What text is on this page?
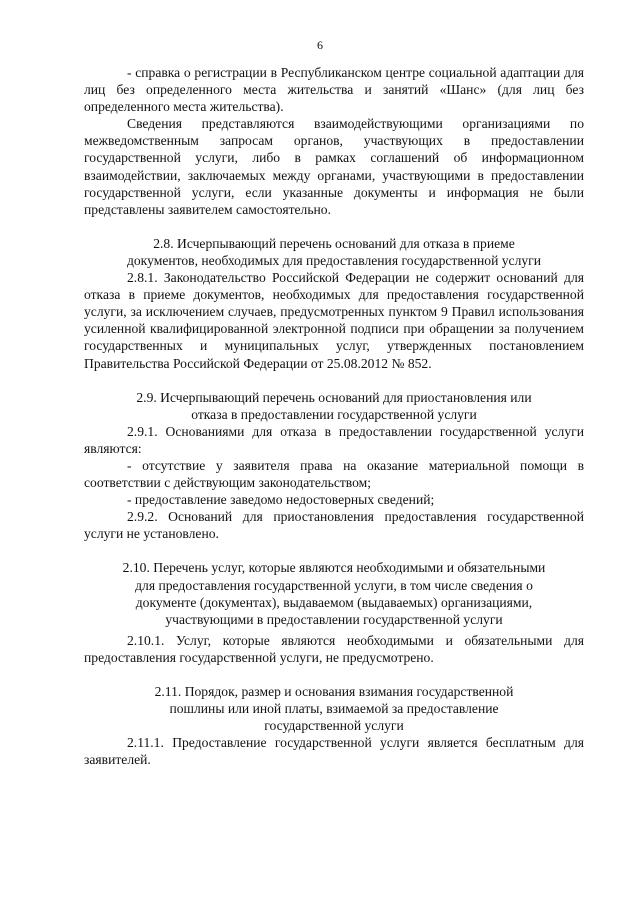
6

- справка о регистрации в Республиканском центре социальной адаптации для лиц без определенного места жительства и занятий «Шанс» (для лиц без определенного места жительства).

Сведения представляются взаимодействующими организациями по межведомственным запросам органов, участвующих в предоставлении государственной услуги, либо в рамках соглашений об информационном взаимодействии, заключаемых между органами, участвующими в предоставлении государственной услуги, если указанные документы и информация не были представлены заявителем самостоятельно.

2.8. Исчерпывающий перечень оснований для отказа в приеме документов, необходимых для предоставления государственной услуги

2.8.1. Законодательство Российской Федерации не содержит оснований для отказа в приеме документов, необходимых для предоставления государственной услуги, за исключением случаев, предусмотренных пунктом 9 Правил использования усиленной квалифицированной электронной подписи при обращении за получением государственных и муниципальных услуг, утвержденных постановлением Правительства Российской Федерации от 25.08.2012 № 852.

2.9. Исчерпывающий перечень оснований для приостановления или отказа в предоставлении государственной услуги

2.9.1. Основаниями для отказа в предоставлении государственной услуги являются:

- отсутствие у заявителя права на оказание материальной помощи в соответствии с действующим законодательством;

- предоставление заведомо недостоверных сведений;

2.9.2. Оснований для приостановления предоставления государственной услуги не установлено.

2.10. Перечень услуг, которые являются необходимыми и обязательными для предоставления государственной услуги, в том числе сведения о документе (документах), выдаваемом (выдаваемых) организациями, участвующими в предоставлении государственной услуги

2.10.1. Услуг, которые являются необходимыми и обязательными для предоставления государственной услуги, не предусмотрено.

2.11. Порядок, размер и основания взимания государственной пошлины или иной платы, взимаемой за предоставление государственной услуги

2.11.1. Предоставление государственной услуги является бесплатным для заявителей.
